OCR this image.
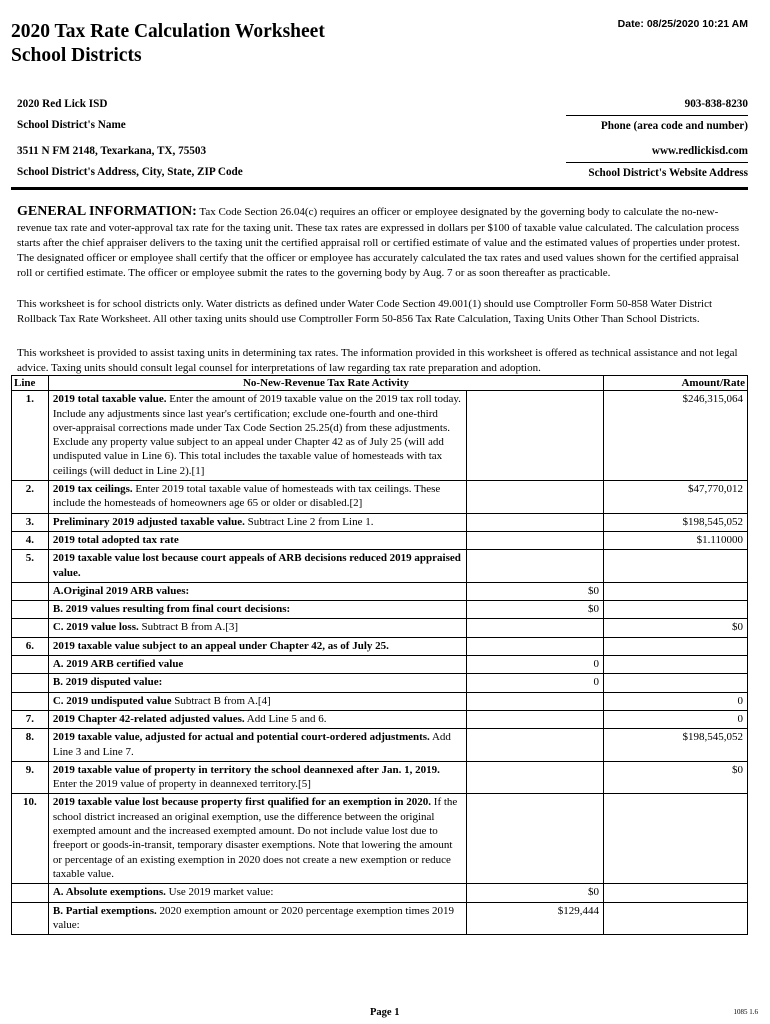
Date: 08/25/2020 10:21 AM
2020 Tax Rate Calculation Worksheet
School Districts
2020 Red Lick ISD
School District's Name
903-838-8230
Phone (area code and number)
3511 N FM 2148, Texarkana, TX, 75503
School District's Address, City, State, ZIP Code
www.redlickisd.com
School District's Website Address
GENERAL INFORMATION: Tax Code Section 26.04(c) requires an officer or employee designated by the governing body to calculate the no-new-revenue tax rate and voter-approval tax rate for the taxing unit. These tax rates are expressed in dollars per $100 of taxable value calculated. The calculation process starts after the chief appraiser delivers to the taxing unit the certified appraisal roll or certified estimate of value and the estimated values of properties under protest. The designated officer or employee shall certify that the officer or employee has accurately calculated the tax rates and used values shown for the certified appraisal roll or certified estimate. The officer or employee submit the rates to the governing body by Aug. 7 or as soon thereafter as practicable.
This worksheet is for school districts only. Water districts as defined under Water Code Section 49.001(1) should use Comptroller Form 50-858 Water District Rollback Tax Rate Worksheet. All other taxing units should use Comptroller Form 50-856 Tax Rate Calculation, Taxing Units Other Than School Districts.
This worksheet is provided to assist taxing units in determining tax rates. The information provided in this worksheet is offered as technical assistance and not legal advice. Taxing units should consult legal counsel for interpretations of law regarding tax rate preparation and adoption.
Line	No-New-Revenue Tax Rate Activity		Amount/Rate
1.	2019 total taxable value. Enter the amount of 2019 taxable value on the 2019 tax roll today. Include any adjustments since last year's certification; exclude one-fourth and one-third over-appraisal corrections made under Tax Code Section 25.25(d) from these adjustments. Exclude any property value subject to an appeal under Chapter 42 as of July 25 (will add undisputed value in Line 6). This total includes the taxable value of homesteads with tax ceilings (will deduct in Line 2).[1]		$246,315,064
2.	2019 tax ceilings. Enter 2019 total taxable value of homesteads with tax ceilings. These include the homesteads of homeowners age 65 or older or disabled.[2]		$47,770,012
3.	Preliminary 2019 adjusted taxable value. Subtract Line 2 from Line 1.		$198,545,052
4.	2019 total adopted tax rate		$1.110000
5.	2019 taxable value lost because court appeals of ARB decisions reduced 2019 appraised value.		
	A.Original 2019 ARB values:	$0	
	B. 2019 values resulting from final court decisions:	$0	
	C. 2019 value loss. Subtract B from A.[3]		$0
6.	2019 taxable value subject to an appeal under Chapter 42, as of July 25.		
	A. 2019 ARB certified value	0	
	B. 2019 disputed value:	0	
	C. 2019 undisputed value Subtract B from A.[4]		0
7.	2019 Chapter 42-related adjusted values. Add Line 5 and 6.		0
8.	2019 taxable value, adjusted for actual and potential court-ordered adjustments. Add Line 3 and Line 7.		$198,545,052
9.	2019 taxable value of property in territory the school deannexed after Jan. 1, 2019. Enter the 2019 value of property in deannexed territory.[5]		$0
10.	2019 taxable value lost because property first qualified for an exemption in 2020. If the school district increased an original exemption, use the difference between the original exempted amount and the increased exempted amount. Do not include value lost due to freeport or goods-in-transit, temporary disaster exemptions. Note that lowering the amount or percentage of an existing exemption in 2020 does not create a new exemption or reduce taxable value.		
	A. Absolute exemptions. Use 2019 market value:	$0	
	B. Partial exemptions. 2020 exemption amount or 2020 percentage exemption times 2019 value:	$129,444	
Page 1	1085 1.6
